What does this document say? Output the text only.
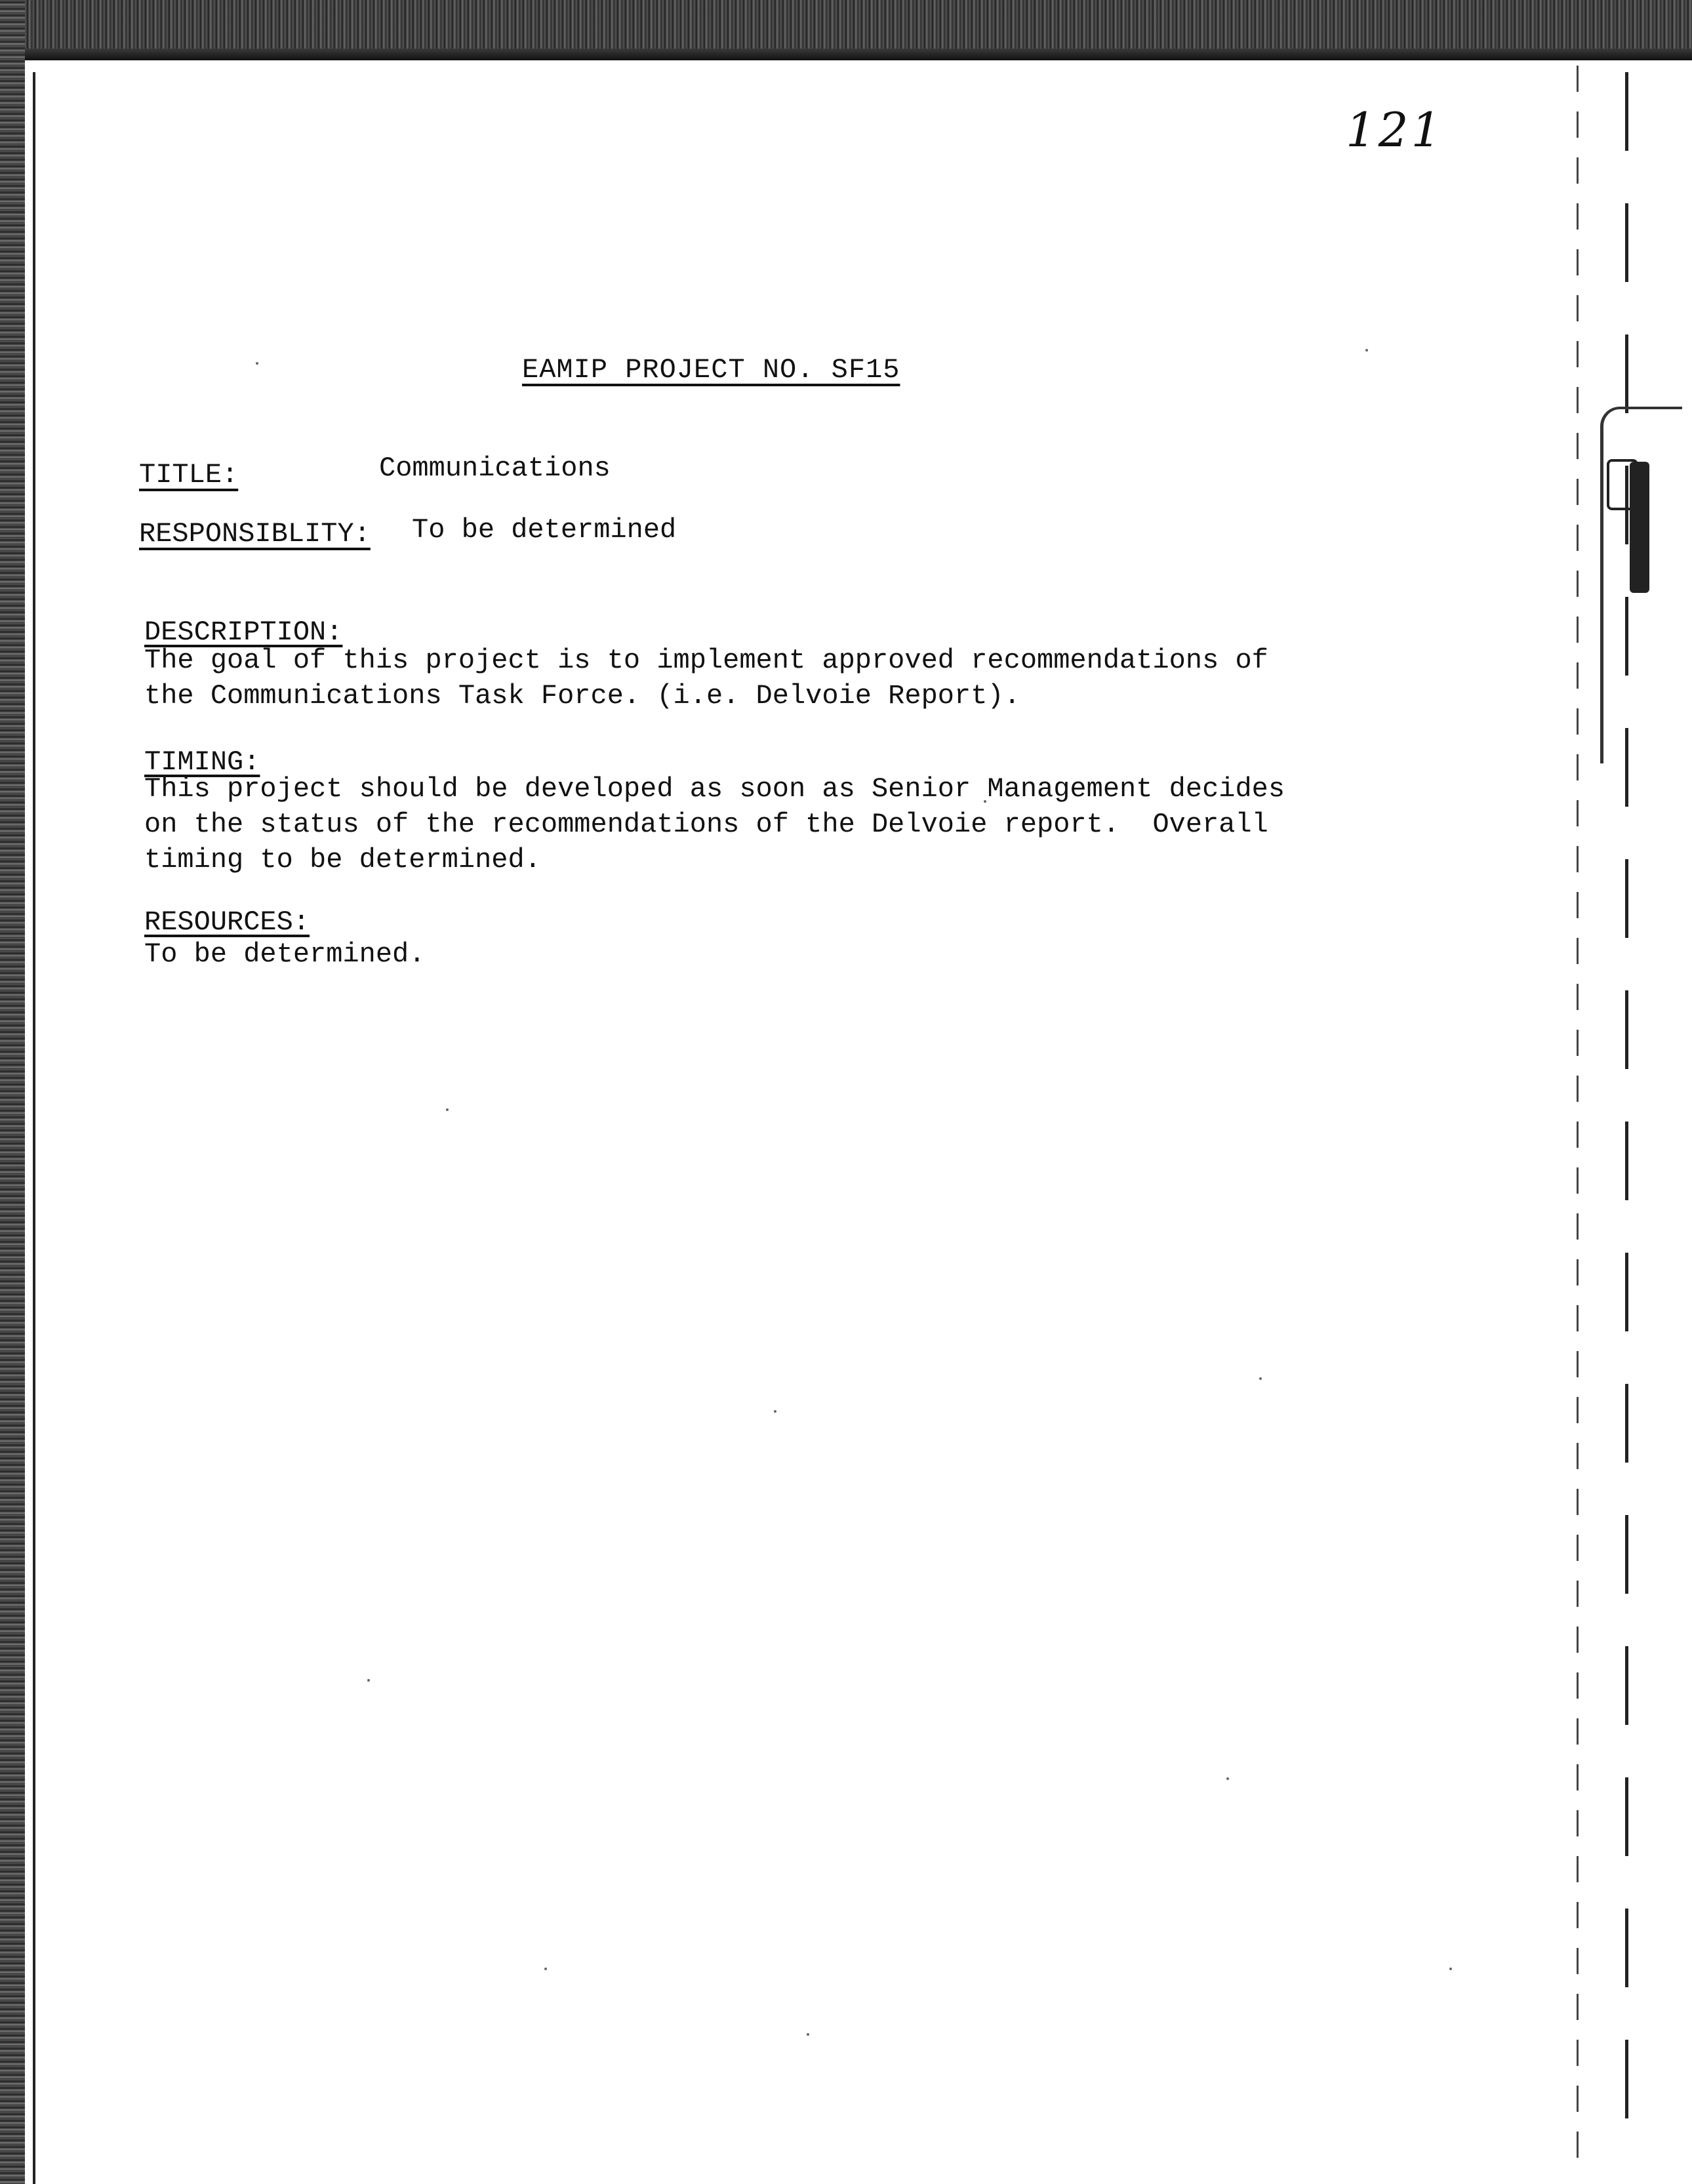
121
EAMIP PROJECT NO. SF15
TITLE:	Communications
RESPONSIBLITY: To be determined
DESCRIPTION:

The goal of this project is to implement approved recommendations of
the Communications Task Force. (i.e. Delvoie Report).

TIMING:

This project should be developed as soon as Senior Management decides
on the status of the recommendations of the Delvoie report.  Overall
timing to be determined.

RESOURCES:

To be determined.
